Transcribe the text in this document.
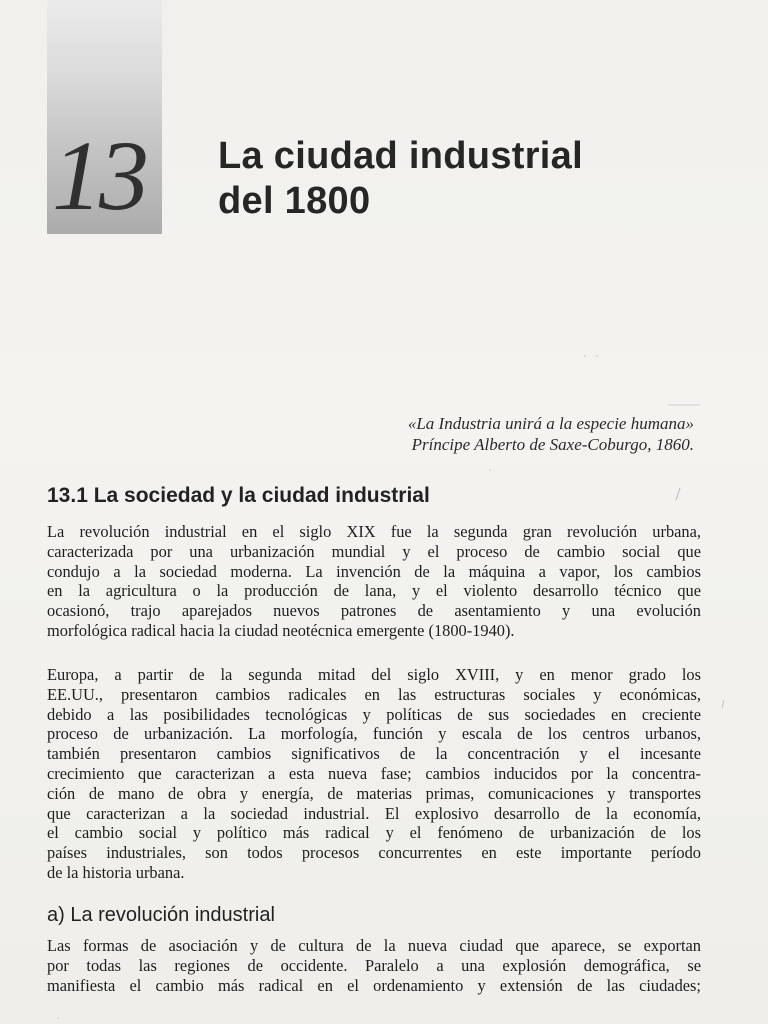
13	La ciudad industrial
del 1800
«La Industria unirá a la especie humana»
Príncipe Alberto de Saxe-Coburgo, 1860.
13.1 La sociedad y la ciudad industrial
La revolución industrial en el siglo XIX fue la segunda gran revolución urbana,
caracterizada por una urbanización mundial y el proceso de cambio social que
condujo a la sociedad moderna. La invención de la máquina a vapor, los cambios
en la agricultura o la producción de lana, y el violento desarrollo técnico que
ocasionó, trajo aparejados nuevos patrones de asentamiento y una evolución
morfológica radical hacia la ciudad neotécnica emergente (1800-1940).
Europa, a partir de la segunda mitad del siglo XVIII, y en menor grado los
EE.UU., presentaron cambios radicales en las estructuras sociales y económicas,
debido a las posibilidades tecnológicas y políticas de sus sociedades en creciente
proceso de urbanización. La morfología, función y escala de los centros urbanos,
también presentaron cambios significativos de la concentración y el incesante
crecimiento que caracterizan a esta nueva fase; cambios inducidos por la concentra-
ción de mano de obra y energía, de materias primas, comunicaciones y transportes
que caracterizan a la sociedad industrial. El explosivo desarrollo de la economía,
el cambio social y político más radical y el fenómeno de urbanización de los
países industriales, son todos procesos concurrentes en este importante período
de la historia urbana.
a) La revolución industrial
Las formas de asociación y de cultura de la nueva ciudad que aparece, se exportan
por todas las regiones de occidente. Paralelo a una explosión demográfica, se
manifiesta el cambio más radical en el ordenamiento y extensión de las ciudades;
